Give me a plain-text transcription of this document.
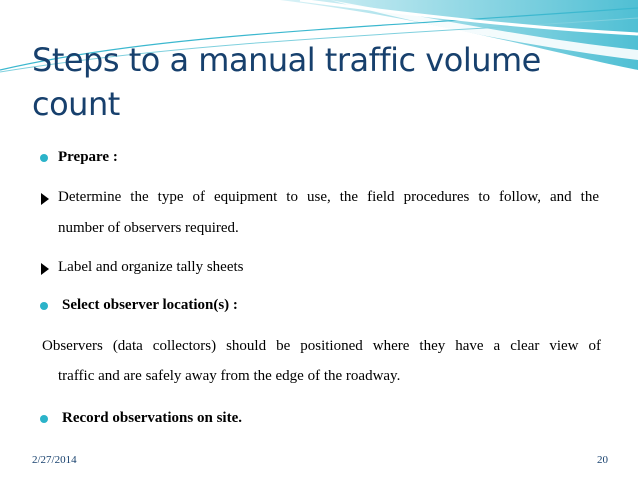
Steps to a manual traffic volume count
Prepare :
Determine the type of equipment to use, the field procedures to follow, and the
number of observers required.
Label and organize tally sheets
Select observer location(s) :
Observers (data collectors) should be positioned where they have a clear view of
traffic and are safely away from the edge of the roadway.
Record observations on site.
2/27/2014	20
